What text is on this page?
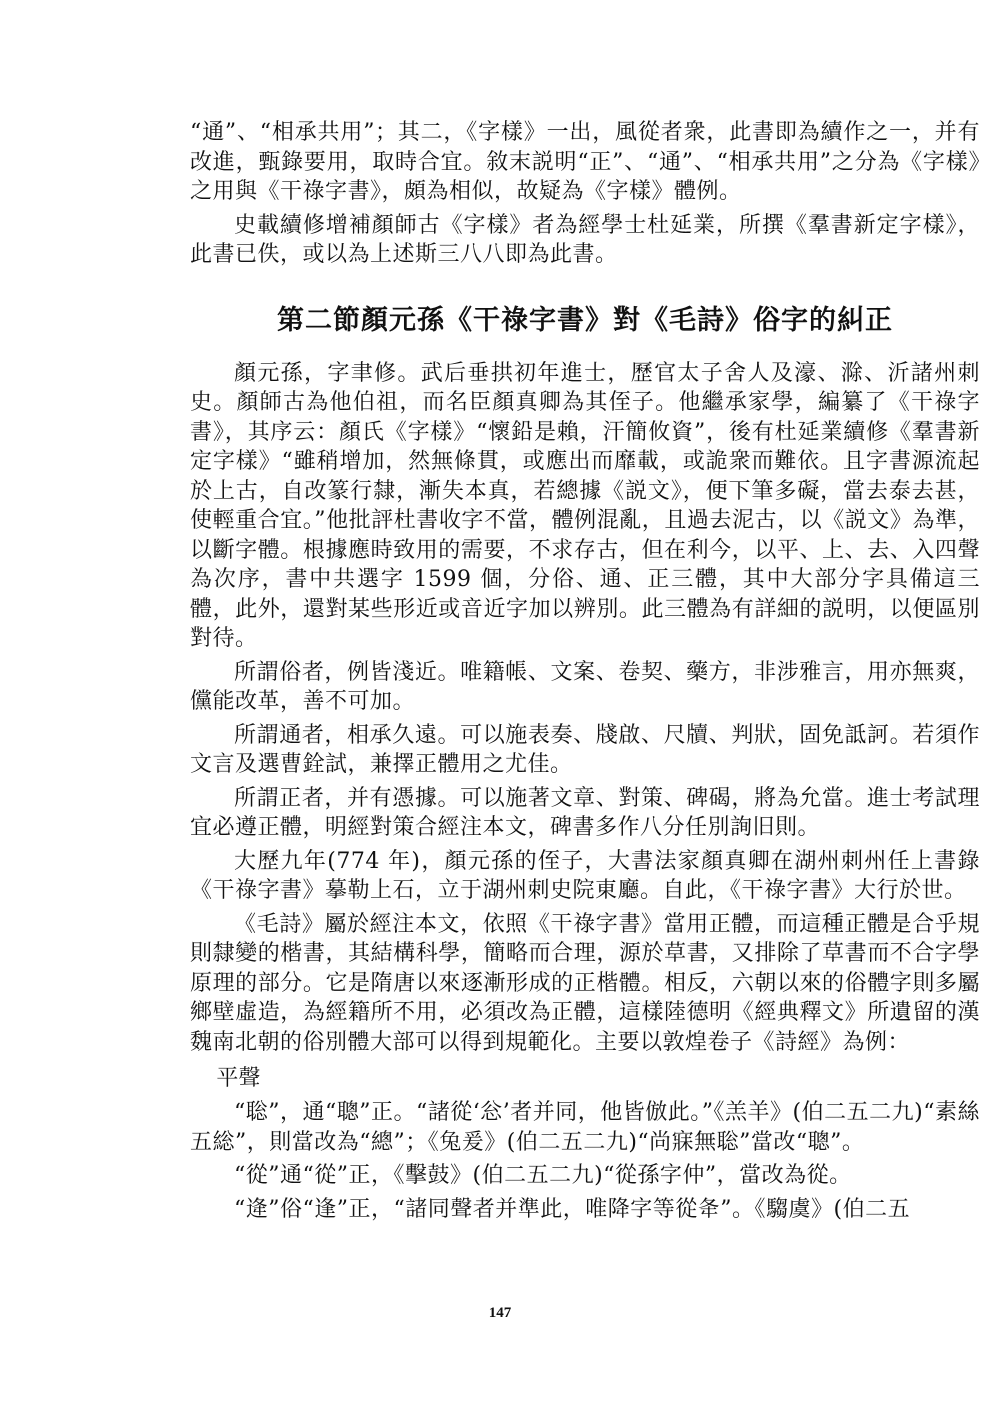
“通”、“相承共用”；其二，《字樣》一出，風從者衆，此書即為續作之一，并有改進，甄錄要用，取時合宜。敘末説明“正”、“通”、“相承共用”之分為《字樣》之用與《干祿字書》，頗為相似，故疑為《字樣》體例。

史載續修增補顏師古《字樣》者為經學士杜延業，所撰《羣書新定字樣》，此書已佚，或以為上述斯三八八即為此書。

第二節顏元孫《干祿字書》對《毛詩》俗字的糾正

顏元孫，字聿修。武后垂拱初年進士，歷官太子舍人及濠、滁、沂諸州刺史。顏師古為他伯祖，而名臣顏真卿為其侄子。他繼承家學，編纂了《干祿字書》，其序云：顏氏《字樣》“懷鉛是賴，汗簡攸資”，後有杜延業續修《羣書新定字樣》“雖稍增加，然無條貫，或應出而靡載，或詭衆而難依。且字書源流起於上古，自改篆行隸，漸失本真，若總據《説文》，便下筆多礙，當去泰去甚，使輕重合宜。”他批評杜書收字不當，體例混亂，且過去泥古，以《説文》為準，以斷字體。根據應時致用的需要，不求存古，但在利今，以平、上、去、入四聲為次序，書中共選字 1599 個，分俗、通、正三體，其中大部分字具備這三體，此外，還對某些形近或音近字加以辨別。此三體為有詳細的説明，以便區別對待。

所謂俗者，例皆淺近。唯籍帳、文案、卷契、藥方，非涉雅言，用亦無爽，儻能改革，善不可加。

所謂通者，相承久遠。可以施表奏、牋啟、尺牘、判狀，固免詆訶。若須作文言及選曹銓試，兼擇正體用之尤佳。

所謂正者，并有憑據。可以施著文章、對策、碑碣，將為允當。進士考試理宜必遵正體，明經對策合經注本文，碑書多作八分任別詢旧則。

大歷九年(774 年)，顏元孫的侄子，大書法家顏真卿在湖州刺州任上書錄《干祿字書》摹勒上石，立于湖州刺史院東廳。自此，《干祿字書》大行於世。

《毛詩》屬於經注本文，依照《干祿字書》當用正體，而這種正體是合乎規則隸變的楷書，其結構科學，簡略而合理，源於草書，又排除了草書而不合字學原理的部分。它是隋唐以來逐漸形成的正楷體。相反，六朝以來的俗體字則多屬鄉壁虛造，為經籍所不用，必須改為正體，這樣陸德明《經典釋文》所遺留的漢魏南北朝的俗別體大部可以得到規範化。主要以敦煌卷子《詩經》為例：

平聲

“聡”，通“聰”正。“諸從‘忩’者并同，他皆倣此。”《羔羊》(伯二五二九)“素絲五総”，則當改為“總”；《兔爰》(伯二五二九)“尚寐無聡”當改“聰”。

“從”通“從”正，《擊鼓》(伯二五二九)“從孫字仲”，當改為從。

“逄”俗“逢”正，“諸同聲者并準此，唯降字等從夅”。《騶虞》(伯二五

147
